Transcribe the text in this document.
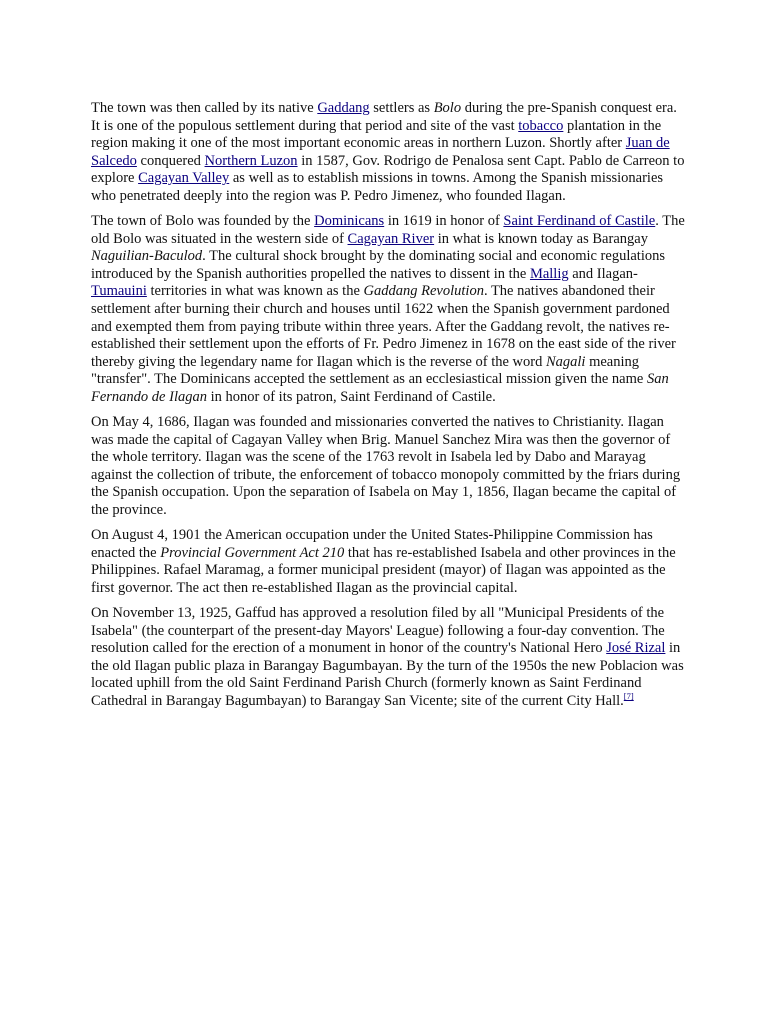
The town was then called by its native Gaddang settlers as Bolo during the pre-Spanish conquest era. It is one of the populous settlement during that period and site of the vast tobacco plantation in the region making it one of the most important economic areas in northern Luzon. Shortly after Juan de Salcedo conquered Northern Luzon in 1587, Gov. Rodrigo de Penalosa sent Capt. Pablo de Carreon to explore Cagayan Valley as well as to establish missions in towns. Among the Spanish missionaries who penetrated deeply into the region was P. Pedro Jimenez, who founded Ilagan.

The town of Bolo was founded by the Dominicans in 1619 in honor of Saint Ferdinand of Castile. The old Bolo was situated in the western side of Cagayan River in what is known today as Barangay Naguilian-Baculod. The cultural shock brought by the dominating social and economic regulations introduced by the Spanish authorities propelled the natives to dissent in the Mallig and Ilagan-Tumauini territories in what was known as the Gaddang Revolution. The natives abandoned their settlement after burning their church and houses until 1622 when the Spanish government pardoned and exempted them from paying tribute within three years. After the Gaddang revolt, the natives re-established their settlement upon the efforts of Fr. Pedro Jimenez in 1678 on the east side of the river thereby giving the legendary name for Ilagan which is the reverse of the word Nagali meaning "transfer". The Dominicans accepted the settlement as an ecclesiastical mission given the name San Fernando de Ilagan in honor of its patron, Saint Ferdinand of Castile.

On May 4, 1686, Ilagan was founded and missionaries converted the natives to Christianity. Ilagan was made the capital of Cagayan Valley when Brig. Manuel Sanchez Mira was then the governor of the whole territory. Ilagan was the scene of the 1763 revolt in Isabela led by Dabo and Marayag against the collection of tribute, the enforcement of tobacco monopoly committed by the friars during the Spanish occupation. Upon the separation of Isabela on May 1, 1856, Ilagan became the capital of the province.

On August 4, 1901 the American occupation under the United States-Philippine Commission has enacted the Provincial Government Act 210 that has re-established Isabela and other provinces in the Philippines. Rafael Maramag, a former municipal president (mayor) of Ilagan was appointed as the first governor. The act then re-established Ilagan as the provincial capital.

On November 13, 1925, Gaffud has approved a resolution filed by all "Municipal Presidents of the Isabela" (the counterpart of the present-day Mayors' League) following a four-day convention. The resolution called for the erection of a monument in honor of the country's National Hero José Rizal in the old Ilagan public plaza in Barangay Bagumbayan. By the turn of the 1950s the new Poblacion was located uphill from the old Saint Ferdinand Parish Church (formerly known as Saint Ferdinand Cathedral in Barangay Bagumbayan) to Barangay San Vicente; site of the current City Hall.[7]
